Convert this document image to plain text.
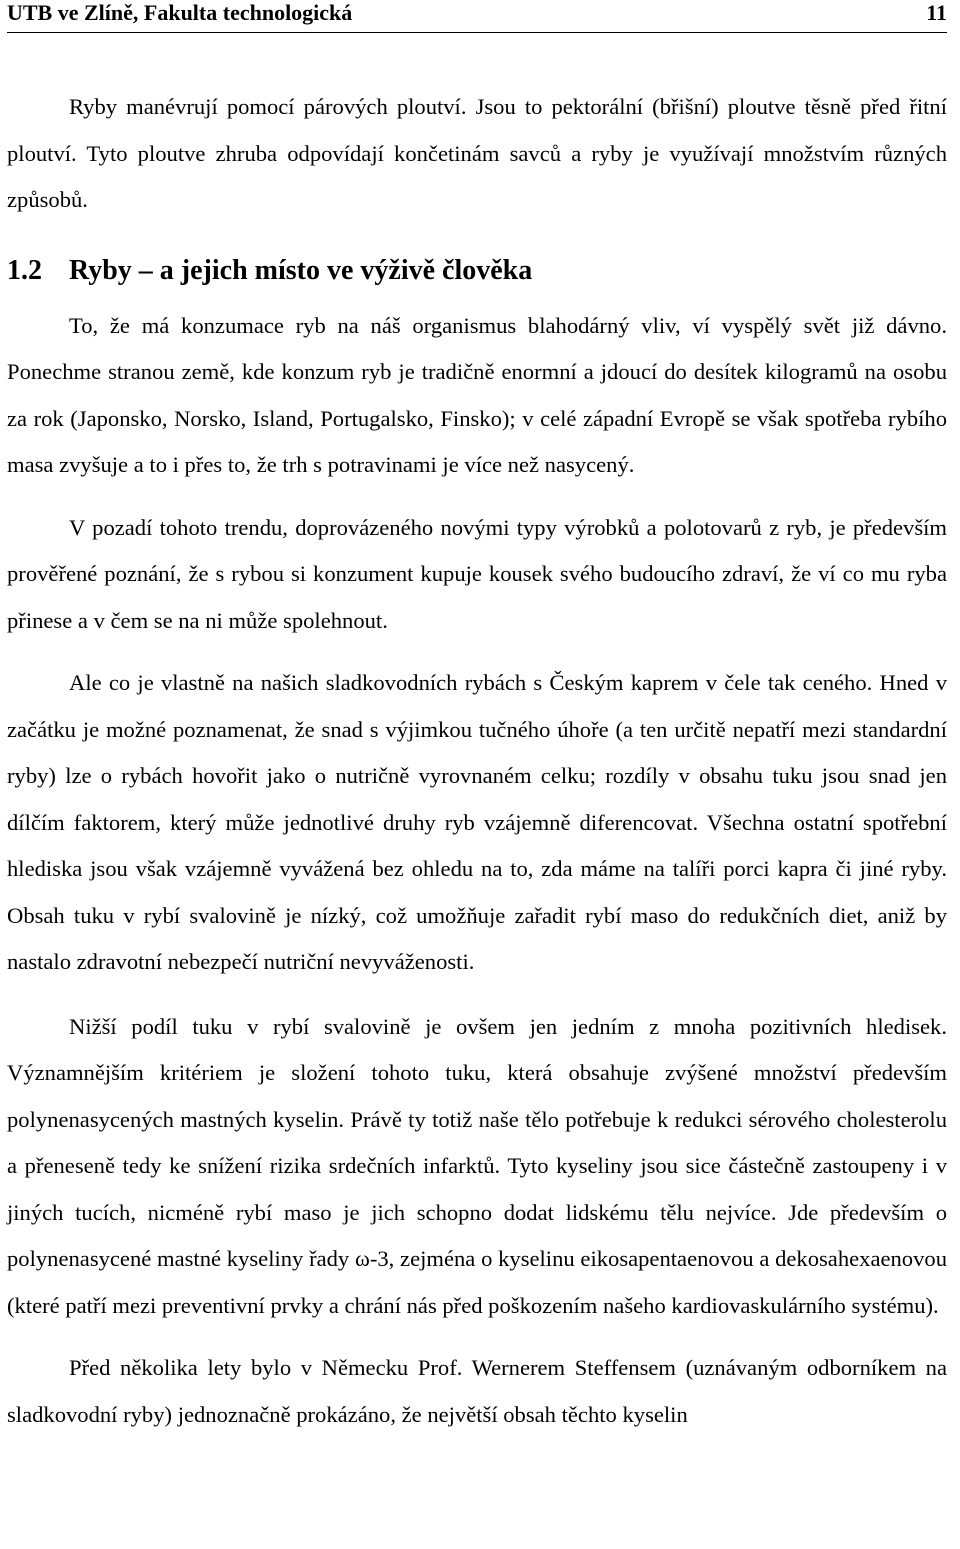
UTB ve Zlíně, Fakulta technologická	11

Ryby manévrují pomocí párových ploutví. Jsou to pektorální (břišní) ploutve těsně před řitní ploutví. Tyto ploutve zhruba odpovídají končetinám savců a ryby je využívají množstvím různých způsobů.

1.2 Ryby – a jejich místo ve výživě člověka

To, že má konzumace ryb na náš organismus blahodárný vliv, ví vyspělý svět již dávno. Ponechme stranou země, kde konzum ryb je tradičně enormní a jdoucí do desítek kilogramů na osobu za rok (Japonsko, Norsko, Island, Portugalsko, Finsko); v celé západní Evropě se však spotřeba rybího masa zvyšuje a to i přes to, že trh s potravinami je více než nasycený.

V pozadí tohoto trendu, doprovázeného novými typy výrobků a polotovarů z ryb, je především prověřené poznání, že s rybou si konzument kupuje kousek svého budoucího zdraví, že ví co mu ryba přinese a v čem se na ni může spolehnout.

Ale co je vlastně na našich sladkovodních rybách s Českým kaprem v čele tak ceného. Hned v začátku je možné poznamenat, že snad s výjimkou tučného úhoře (a ten určitě nepatří mezi standardní ryby) lze o rybách hovořit jako o nutričně vyrovnaném celku; rozdíly v obsahu tuku jsou snad jen dílčím faktorem, který může jednotlivé druhy ryb vzájemně diferencovat. Všechna ostatní spotřební hlediska jsou však vzájemně vyvážená bez ohledu na to, zda máme na talíři porci kapra či jiné ryby. Obsah tuku v rybí svalovině je nízký, což umožňuje zařadit rybí maso do redukčních diet, aniž by nastalo zdravotní nebezpečí nutriční nevyváženosti.

Nižší podíl tuku v rybí svalovině je ovšem jen jedním z mnoha pozitivních hledisek. Významnějším kritériem je složení tohoto tuku, která obsahuje zvýšené množství především polynenasycených mastných kyselin. Právě ty totiž naše tělo potřebuje k redukci sérového cholesterolu a přeneseně tedy ke snížení rizika srdečních infarktů. Tyto kyseliny jsou sice částečně zastoupeny i v jiných tucích, nicméně rybí maso je jich schopno dodat lidskému tělu nejvíce. Jde především o polynenasycené mastné kyseliny řady ω-3, zejména o kyselinu eikosapentaenovou a dekosahexaenovou (které patří mezi preventivní prvky a chrání nás před poškozením našeho kardiovaskulárního systému).

Před několika lety bylo v Německu Prof. Wernerem Steffensem (uznávaným odborníkem na sladkovodní ryby) jednoznačně prokázáno, že největší obsah těchto kyselin
